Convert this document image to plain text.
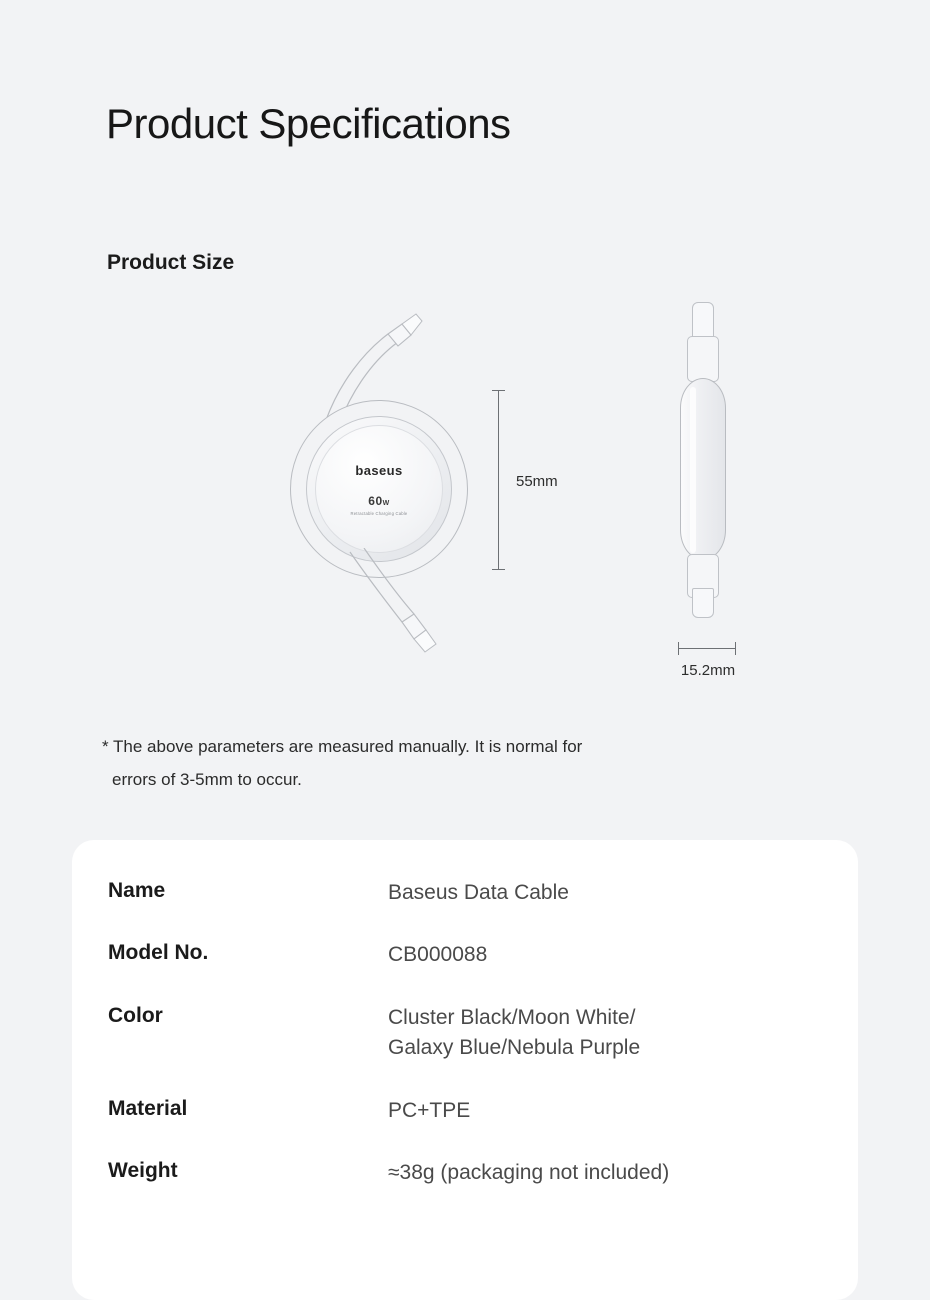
Product Specifications
Product Size
baseus
60W
Retractable Charging Cable
55mm
15.2mm
* The above parameters are measured manually. It is normal for
errors of 3-5mm to occur.
Name	Baseus Data Cable
Model No.	CB000088
Color	Cluster Black/Moon White/
Galaxy Blue/Nebula Purple
Material	PC+TPE
Weight	≈38g (packaging not included)
